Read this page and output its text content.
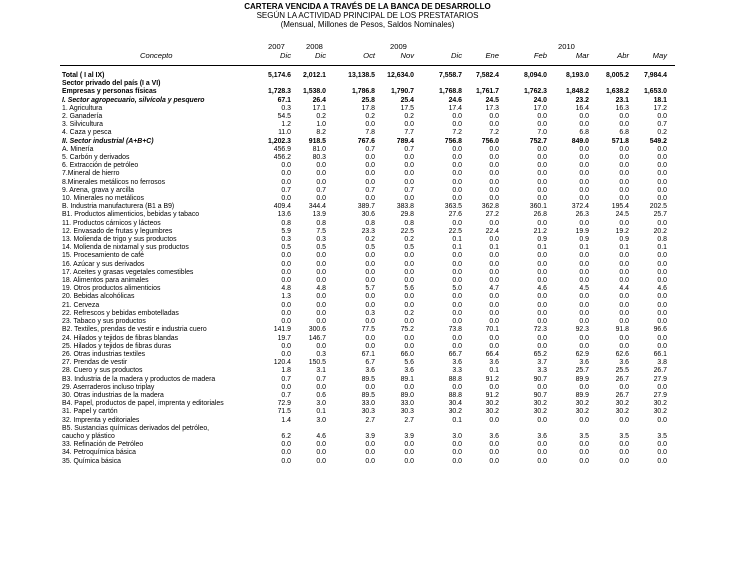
CARTERA VENCIDA A TRAVÉS DE LA BANCA DE DESARROLLO
SEGÚN LA ACTIVIDAD PRINCIPAL DE LOS PRESTATARIOS
(Mensual, Millones de Pesos, Saldos Nominales)
2007	2008	2009	2010
Concepto	Dic	Dic	Oct	Nov	Dic	Ene	Feb	Mar	Abr	May
Total ( I al IX)	5,174.6	2,012.1	13,138.5	12,634.0	7,558.7	7,582.4	8,094.0	8,193.0	8,005.2	7,984.4
Sector privado del país (I a VI)
Empresas y personas físicas	1,728.3	1,538.0	1,786.8	1,790.7	1,768.8	1,761.7	1,762.3	1,848.2	1,638.2	1,653.0
I. Sector agropecuario, silvícola y pesquero	67.1	26.4	25.8	25.4	24.6	24.5	24.0	23.2	23.1	18.1
1. Agricultura	0.3	17.1	17.8	17.5	17.4	17.3	17.0	16.4	16.3	17.2
2. Ganadería	54.5	0.2	0.2	0.2	0.0	0.0	0.0	0.0	0.0	0.0
3. Silvicultura	1.2	1.0	0.0	0.0	0.0	0.0	0.0	0.0	0.0	0.7
4. Caza y pesca	11.0	8.2	7.8	7.7	7.2	7.2	7.0	6.8	6.8	0.2
II. Sector industrial (A+B+C)	1,202.3	918.5	767.6	789.4	756.8	756.0	752.7	849.0	571.8	549.2
A. Minería	456.9	81.0	0.7	0.7	0.0	0.0	0.0	0.0	0.0	0.0
5. Carbón y derivados	456.2	80.3	0.0	0.0	0.0	0.0	0.0	0.0	0.0	0.0
6. Extracción de petróleo	0.0	0.0	0.0	0.0	0.0	0.0	0.0	0.0	0.0	0.0
7.Mineral de hierro	0.0	0.0	0.0	0.0	0.0	0.0	0.0	0.0	0.0	0.0
8.Minerales metálicos no ferrosos	0.0	0.0	0.0	0.0	0.0	0.0	0.0	0.0	0.0	0.0
9. Arena, grava y arcilla	0.7	0.7	0.7	0.7	0.0	0.0	0.0	0.0	0.0	0.0
10. Minerales no metálicos	0.0	0.0	0.0	0.0	0.0	0.0	0.0	0.0	0.0	0.0
B. Industria manufacturera (B1 a B9)	409.4	344.4	389.7	383.8	363.5	362.8	360.1	372.4	195.4	202.5
B1. Productos alimenticios, bebidas y tabaco	13.6	13.9	30.6	29.8	27.6	27.2	26.8	26.3	24.5	25.7
11. Productos cárnicos y lácteos	0.8	0.8	0.8	0.8	0.0	0.0	0.0	0.0	0.0	0.0
12. Envasado de frutas y legumbres	5.9	7.5	23.3	22.5	22.5	22.4	21.2	19.9	19.2	20.2
13. Molienda de trigo y sus productos	0.3	0.3	0.2	0.2	0.1	0.0	0.9	0.9	0.9	0.8
14. Molienda de nixtamal y sus productos	0.5	0.5	0.5	0.5	0.1	0.1	0.1	0.1	0.1	0.1
15. Procesamiento de café	0.0	0.0	0.0	0.0	0.0	0.0	0.0	0.0	0.0	0.0
16. Azúcar y sus derivados	0.0	0.0	0.0	0.0	0.0	0.0	0.0	0.0	0.0	0.0
17. Aceites y grasas vegetales comestibles	0.0	0.0	0.0	0.0	0.0	0.0	0.0	0.0	0.0	0.0
18. Alimentos para animales	0.0	0.0	0.0	0.0	0.0	0.0	0.0	0.0	0.0	0.0
19. Otros productos alimenticios	4.8	4.8	5.7	5.6	5.0	4.7	4.6	4.5	4.4	4.6
20. Bebidas alcohólicas	1.3	0.0	0.0	0.0	0.0	0.0	0.0	0.0	0.0	0.0
21. Cerveza	0.0	0.0	0.0	0.0	0.0	0.0	0.0	0.0	0.0	0.0
22. Refrescos y bebidas embotelladas	0.0	0.0	0.3	0.2	0.0	0.0	0.0	0.0	0.0	0.0
23. Tabaco y sus productos	0.0	0.0	0.0	0.0	0.0	0.0	0.0	0.0	0.0	0.0
B2. Textiles, prendas de vestir e industria cuero	141.9	300.6	77.5	75.2	73.8	70.1	72.3	92.3	91.8	96.6
24. Hilados y tejidos de fibras blandas	19.7	146.7	0.0	0.0	0.0	0.0	0.0	0.0	0.0	0.0
25. Hilados y tejidos de fibras duras	0.0	0.0	0.0	0.0	0.0	0.0	0.0	0.0	0.0	0.0
26. Otras industrias textiles	0.0	0.3	67.1	66.0	66.7	66.4	65.2	62.9	62.6	66.1
27. Prendas de vestir	120.4	150.5	6.7	5.6	3.6	3.6	3.7	3.6	3.6	3.8
28. Cuero y sus productos	1.8	3.1	3.6	3.6	3.3	0.1	3.3	25.7	25.5	26.7
B3. Industria de la madera y productos de madera	0.7	0.7	89.5	89.1	88.8	91.2	90.7	89.9	26.7	27.9
29. Aserraderos incluso triplay	0.0	0.0	0.0	0.0	0.0	0.0	0.0	0.0	0.0	0.0
30. Otras industrias de la madera	0.7	0.6	89.5	89.0	88.8	91.2	90.7	89.9	26.7	27.9
B4. Papel, productos de papel, imprenta y editoriales	72.9	3.0	33.0	33.0	30.4	30.2	30.2	30.2	30.2	30.2
31. Papel y cartón	71.5	0.1	30.3	30.3	30.2	30.2	30.2	30.2	30.2	30.2
32. Imprenta y editoriales	1.4	3.0	2.7	2.7	0.1	0.0	0.0	0.0	0.0	0.0
B5. Sustancias químicas derivados del petróleo,
caucho y plástico	6.2	4.6	3.9	3.9	3.0	3.6	3.6	3.5	3.5	3.5
33. Refinación de Petróleo	0.0	0.0	0.0	0.0	0.0	0.0	0.0	0.0	0.0	0.0
34. Petroquímica básica	0.0	0.0	0.0	0.0	0.0	0.0	0.0	0.0	0.0	0.0
35. Química básica	0.0	0.0	0.0	0.0	0.0	0.0	0.0	0.0	0.0	0.0
